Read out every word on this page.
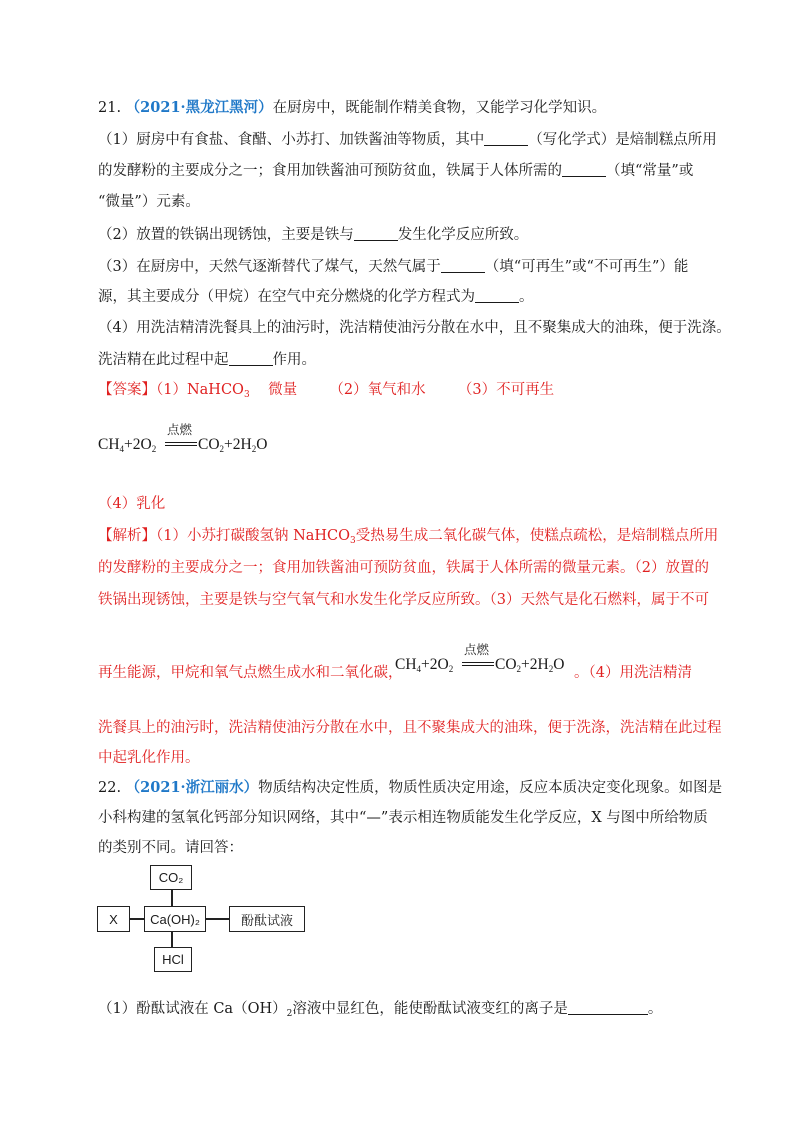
21. （2021·黑龙江黑河）在厨房中，既能制作精美食物，又能学习化学知识。
（1）厨房中有食盐、食醋、小苏打、加铁酱油等物质，其中	（写化学式）是焙制糕点所用
的发酵粉的主要成分之一；食用加铁酱油可预防贫血，铁属于人体所需的	（填“常量”或
“微量”）元素。
（2）放置的铁锅出现锈蚀，主要是铁与	发生化学反应所致。
（3）在厨房中，天然气逐渐替代了煤气，天然气属于	（填“可再生”或“不可再生”）能
源，其主要成分（甲烷）在空气中充分燃烧的化学方程式为	。
（4）用洗洁精清洗餐具上的油污时，洗洁精使油污分散在水中，且不聚集成大的油珠，便于洗涤。
洗洁精在此过程中起	作用。
【答案】（1）NaHCO$_3$ 微量 （2）氧气和水 （3）不可再生
$CH_4+2O_2$
点燃
$CO_2+2H_2O$
（4）乳化
【解析】（1）小苏打碳酸氢钠 NaHCO$_3$受热易生成二氧化碳气体，使糕点疏松，是焙制糕点所用
的发酵粉的主要成分之一；食用加铁酱油可预防贫血，铁属于人体所需的微量元素。（2）放置的
铁锅出现锈蚀，主要是铁与空气氧气和水发生化学反应所致。（3）天然气是化石燃料，属于不可
再生能源，甲烷和氧气点燃生成水和二氧化碳，
$CH_4+2O_2$
点燃
$CO_2+2H_2O$ 。（4）用洗洁精清
洗餐具上的油污时，洗洁精使油污分散在水中，且不聚集成大的油珠，便于洗涤，洗洁精在此过程
中起乳化作用。
22. （2021·浙江丽水）物质结构决定性质，物质性质决定用途，反应本质决定变化现象。如图是
小科构建的氢氧化钙部分知识网络，其中“—”表示相连物质能发生化学反应，X 与图中所给物质
的类别不同。请回答：
CO₂
X	Ca(OH)₂	酚酞试液
HCl
（1）酚酞试液在 $Ca(OH)_2$溶液中显红色，能使酚酞试液变红的离子是	。
